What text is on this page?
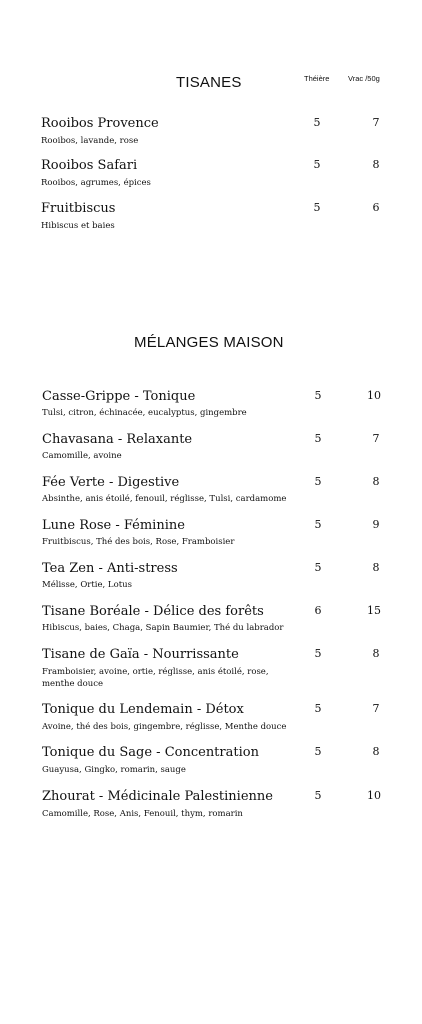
TISANES	Théière Vrac /50g
Rooibos Provence
Rooibos, lavande, rose
5	7
Rooibos Safari
Rooibos, agrumes, épices
5	8
Fruitbiscus
Hibiscus et baies
5	6
MÉLANGES MAISON
Casse-Grippe - Tonique
Tulsi, citron, échinacée, eucalyptus, gingembre
5	10
Chavasana - Relaxante
Camomille, avoine
5	7
Fée Verte - Digestive
Absinthe, anis étoilé, fenouil, réglisse, Tulsi, cardamome
5	8
Lune Rose - Féminine
Fruitbiscus, Thé des bois, Rose, Framboisier
5	9
Tea Zen - Anti-stress
Mélisse, Ortie, Lotus
5	8
Tisane Boréale - Délice des forêts
Hibiscus, baies, Chaga, Sapin Baumier, Thé du labrador
6	15
Tisane de Gaïa - Nourrissante
Framboisier, avoine, ortie, réglisse, anis étoilé, rose, menthe douce
5	8
Tonique du Lendemain - Détox
Avoine, thé des bois, gingembre, réglisse, Menthe douce
5	7
Tonique du Sage - Concentration
Guayusa, Gingko, romarin, sauge
5	8
Zhourat - Médicinale Palestinienne
Camomille, Rose, Anis, Fenouil, thym, romarin
5	10
